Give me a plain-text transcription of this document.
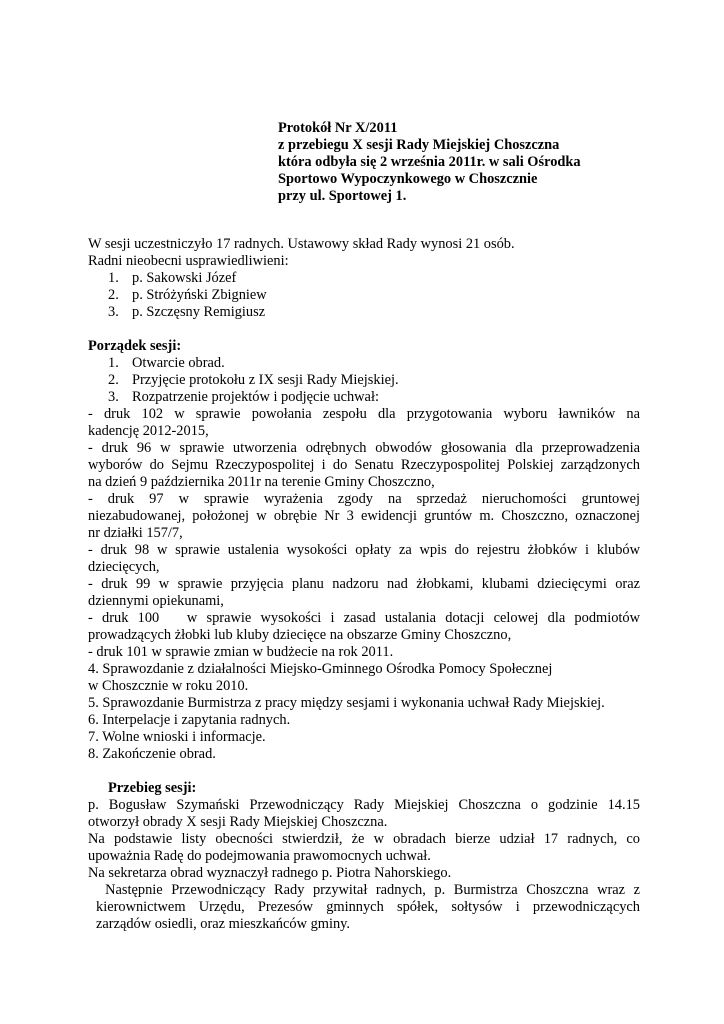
Protokół Nr X/2011
z przebiegu X sesji Rady Miejskiej Choszczna
która odbyła się 2 września 2011r. w sali Ośrodka
Sportowo Wypoczynkowego w Choszcznie
przy ul. Sportowej 1.
W sesji uczestniczyło 17 radnych. Ustawowy skład Rady wynosi 21 osób.
Radni nieobecni usprawiedliwieni:
1. p. Sakowski Józef
2. p. Stróżyński Zbigniew
3. p. Szczęsny Remigiusz
Porządek sesji:
1. Otwarcie obrad.
2. Przyjęcie protokołu z IX sesji Rady Miejskiej.
3. Rozpatrzenie projektów i podjęcie uchwał:
- druk 102 w sprawie powołania zespołu dla przygotowania wyboru ławników na
kadencję 2012-2015,
- druk 96 w sprawie utworzenia odrębnych obwodów głosowania dla przeprowadzenia
wyborów do Sejmu Rzeczypospolitej i do Senatu Rzeczypospolitej Polskiej zarządzonych
na dzień 9 października 2011r na terenie Gminy Choszczno,
- druk 97 w sprawie wyrażenia zgody na sprzedaż nieruchomości gruntowej
niezabudowanej, położonej w obrębie Nr 3 ewidencji gruntów m. Choszczno, oznaczonej
nr działki 157/7,
- druk 98 w sprawie ustalenia wysokości opłaty za wpis do rejestru żłobków i klubów
dziecięcych,
- druk 99 w sprawie przyjęcia planu nadzoru nad żłobkami, klubami dziecięcymi oraz
dziennymi opiekunami,
- druk 100   w sprawie wysokości i zasad ustalania dotacji celowej dla podmiotów
prowadzących żłobki lub kluby dziecięce na obszarze Gminy Choszczno,
- druk 101 w sprawie zmian w budżecie na rok 2011.
4. Sprawozdanie z działalności Miejsko-Gminnego Ośrodka Pomocy Społecznej
w Choszcznie w roku 2010.
5. Sprawozdanie Burmistrza z pracy między sesjami i wykonania uchwał Rady Miejskiej.
6. Interpelacje i zapytania radnych.
7. Wolne wnioski i informacje.
8. Zakończenie obrad.
Przebieg sesji:
p. Bogusław Szymański Przewodniczący Rady Miejskiej Choszczna o godzinie 14.15
otworzył obrady X sesji Rady Miejskiej Choszczna.
Na podstawie listy obecności stwierdził, że w obradach bierze udział 17 radnych, co
upoważnia Radę do podejmowania prawomocnych uchwał.
Na sekretarza obrad wyznaczył radnego p. Piotra Nahorskiego.
Następnie Przewodniczący Rady przywitał radnych, p. Burmistrza Choszczna wraz z
kierownictwem Urzędu, Prezesów gminnych spółek, sołtysów i przewodniczących
zarządów osiedli, oraz mieszkańców gminy.
